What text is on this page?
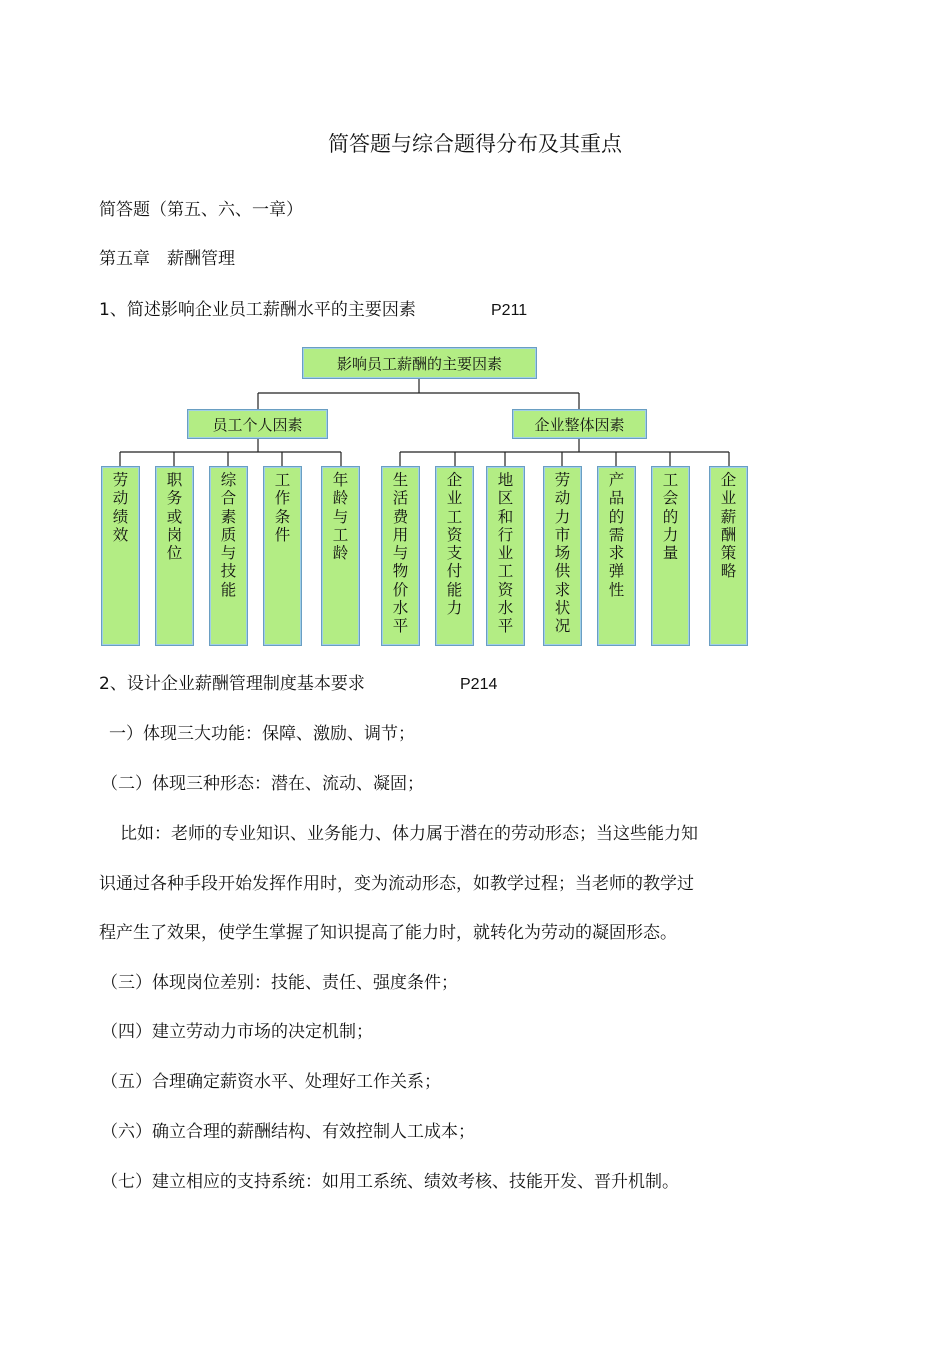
简答题与综合题得分布及其重点
简答题（第五、六、一章）
第五章　薪酬管理
1、简述影响企业员工薪酬水平的主要因素	P211
影响员工薪酬的主要因素
员工个人因素	企业整体因素
劳动绩效
职务或岗位
综合素质与技能
工作条件
年龄与工龄
生活费用与物价水平
企业工资支付能力
地区和行业工资水平
劳动力市场供求状况
产品的需求弹性
工会的力量
企业薪酬策略
2、设计企业薪酬管理制度基本要求	P214
一）体现三大功能：保障、激励、调节；
（二）体现三种形态：潜在、流动、凝固；
比如：老师的专业知识、业务能力、体力属于潜在的劳动形态；当这些能力知
识通过各种手段开始发挥作用时，变为流动形态，如教学过程；当老师的教学过
程产生了效果，使学生掌握了知识提高了能力时，就转化为劳动的凝固形态。
（三）体现岗位差别：技能、责任、强度条件；
（四）建立劳动力市场的决定机制；
（五）合理确定薪资水平、处理好工作关系；
（六）确立合理的薪酬结构、有效控制人工成本；
（七）建立相应的支持系统：如用工系统、绩效考核、技能开发、晋升机制。
